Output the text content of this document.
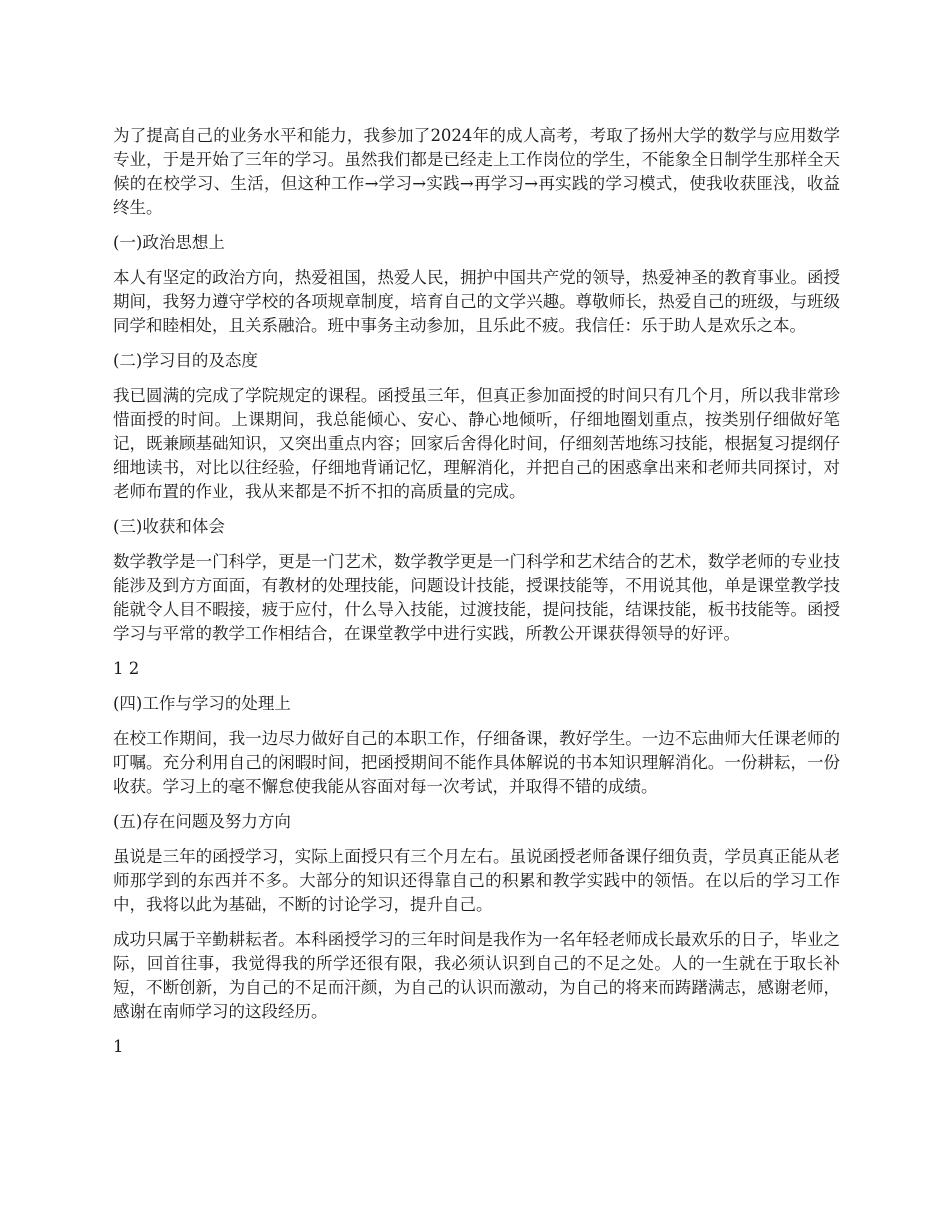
为了提高自己的业务水平和能力，我参加了2024年的成人高考，考取了扬州大学的数学与应用数学专业，于是开始了三年的学习。虽然我们都是已经走上工作岗位的学生，不能象全日制学生那样全天候的在校学习、生活，但这种工作→学习→实践→再学习→再实践的学习模式，使我收获匪浅，收益终生。

(一)政治思想上

本人有坚定的政治方向，热爱祖国，热爱人民，拥护中国共产党的领导，热爱神圣的教育事业。函授期间，我努力遵守学校的各项规章制度，培育自己的文学兴趣。尊敬师长，热爱自己的班级，与班级同学和睦相处，且关系融洽。班中事务主动参加，且乐此不疲。我信任：乐于助人是欢乐之本。

(二)学习目的及态度

我已圆满的完成了学院规定的课程。函授虽三年，但真正参加面授的时间只有几个月，所以我非常珍惜面授的时间。上课期间，我总能倾心、安心、静心地倾听，仔细地圈划重点，按类别仔细做好笔记，既兼顾基础知识，又突出重点内容；回家后舍得化时间，仔细刻苦地练习技能，根据复习提纲仔细地读书，对比以往经验，仔细地背诵记忆，理解消化，并把自己的困惑拿出来和老师共同探讨，对老师布置的作业，我从来都是不折不扣的高质量的完成。

(三)收获和体会

数学教学是一门科学，更是一门艺术，数学教学更是一门科学和艺术结合的艺术，数学老师的专业技能涉及到方方面面，有教材的处理技能，问题设计技能，授课技能等，不用说其他，单是课堂教学技能就令人目不暇接，疲于应付，什么导入技能，过渡技能，提问技能，结课技能，板书技能等。函授学习与平常的教学工作相结合，在课堂教学中进行实践，所教公开课获得领导的好评。

1 2

(四)工作与学习的处理上

在校工作期间，我一边尽力做好自己的本职工作，仔细备课，教好学生。一边不忘曲师大任课老师的叮嘱。充分利用自己的闲暇时间，把函授期间不能作具体解说的书本知识理解消化。一份耕耘，一份收获。学习上的毫不懈怠使我能从容面对每一次考试，并取得不错的成绩。

(五)存在问题及努力方向

虽说是三年的函授学习，实际上面授只有三个月左右。虽说函授老师备课仔细负责，学员真正能从老师那学到的东西并不多。大部分的知识还得靠自己的积累和教学实践中的领悟。在以后的学习工作中，我将以此为基础，不断的讨论学习，提升自己。

成功只属于辛勤耕耘者。本科函授学习的三年时间是我作为一名年轻老师成长最欢乐的日子，毕业之际，回首往事，我觉得我的所学还很有限，我必须认识到自己的不足之处。人的一生就在于取长补短，不断创新，为自己的不足而汗颜，为自己的认识而激动，为自己的将来而踌躇满志，感谢老师，感谢在南师学习的这段经历。

1
